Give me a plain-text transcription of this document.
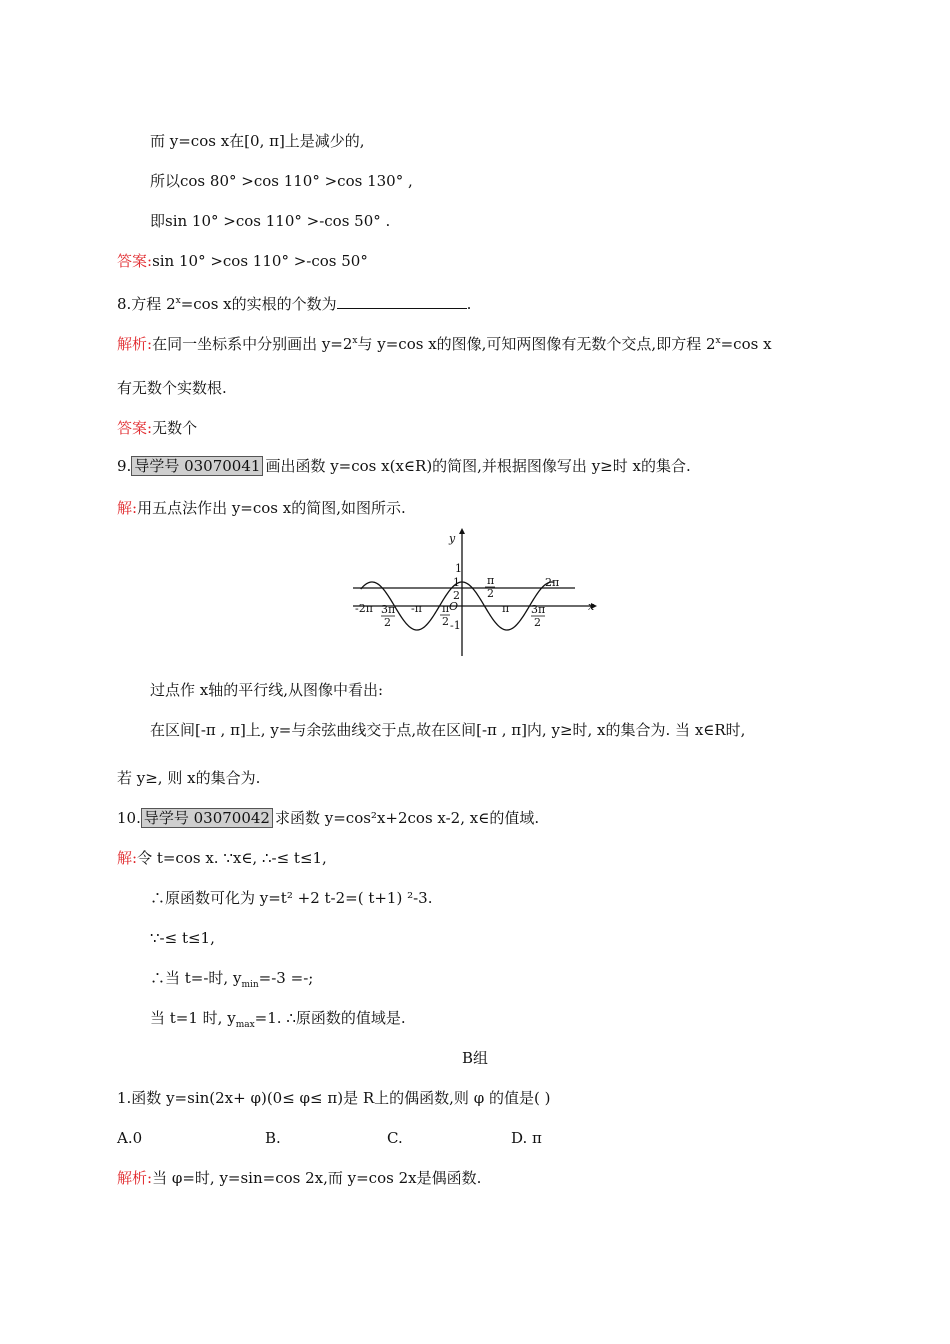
而 y=cos x在[0, π]上是减少的,
所以cos 80° >cos 110° >cos 130° ,
即sin 10° >cos 110° >-cos 50° .
答案:sin 10° >cos 110° >-cos 50°
8.方程 $2^x=\cos$ x的实根的个数为	.
解析:在同一坐标系中分别画出 $y=2^x$与 y=cos x的图像,可知两图像有无数个交点,即方程 $2^x=\cos$ x
有无数个实数根.
答案:无数个
9. 导学号 03070041 画出函数 y=cos x(x∈R)的简图,并根据图像写出 y≥时 x的集合.
解:用五点法作出 y=cos x的简图,如图所示.
y
x
O
1
-1
1
2
-2π 3π
2
-π π
2
π
2
π 3π
2
2π
过点作 x轴的平行线,从图像中看出:
在区间[-π , π]上, y=与余弦曲线交于点,故在区间[-π , π]内, y≥时, x的集合为. 当 x∈R时,
若 y≥, 则 x的集合为.
10. 导学号 03070042 求函数 y=cos²x+2cos x-2, x∈的值域.
解:令 t=cos x. ∵x∈, ∴-≤ t≤1,
∴原函数可化为 y=t² +2 t-2=( t+1) ²-3.
∵-≤ t≤1,
∴当 t=-时, $y_{min}=-3$ =-;
当 t=1 时, $y_{max}=1$. ∴原函数的值域是.
B组
1.函数 y=sin(2x+ φ)(0≤ φ≤ π)是 R上的偶函数,则 φ 的值是( )
A.0	B.	C.	D. π
解析:当 φ=时, y=sin=cos 2x,而 y=cos 2x是偶函数.
